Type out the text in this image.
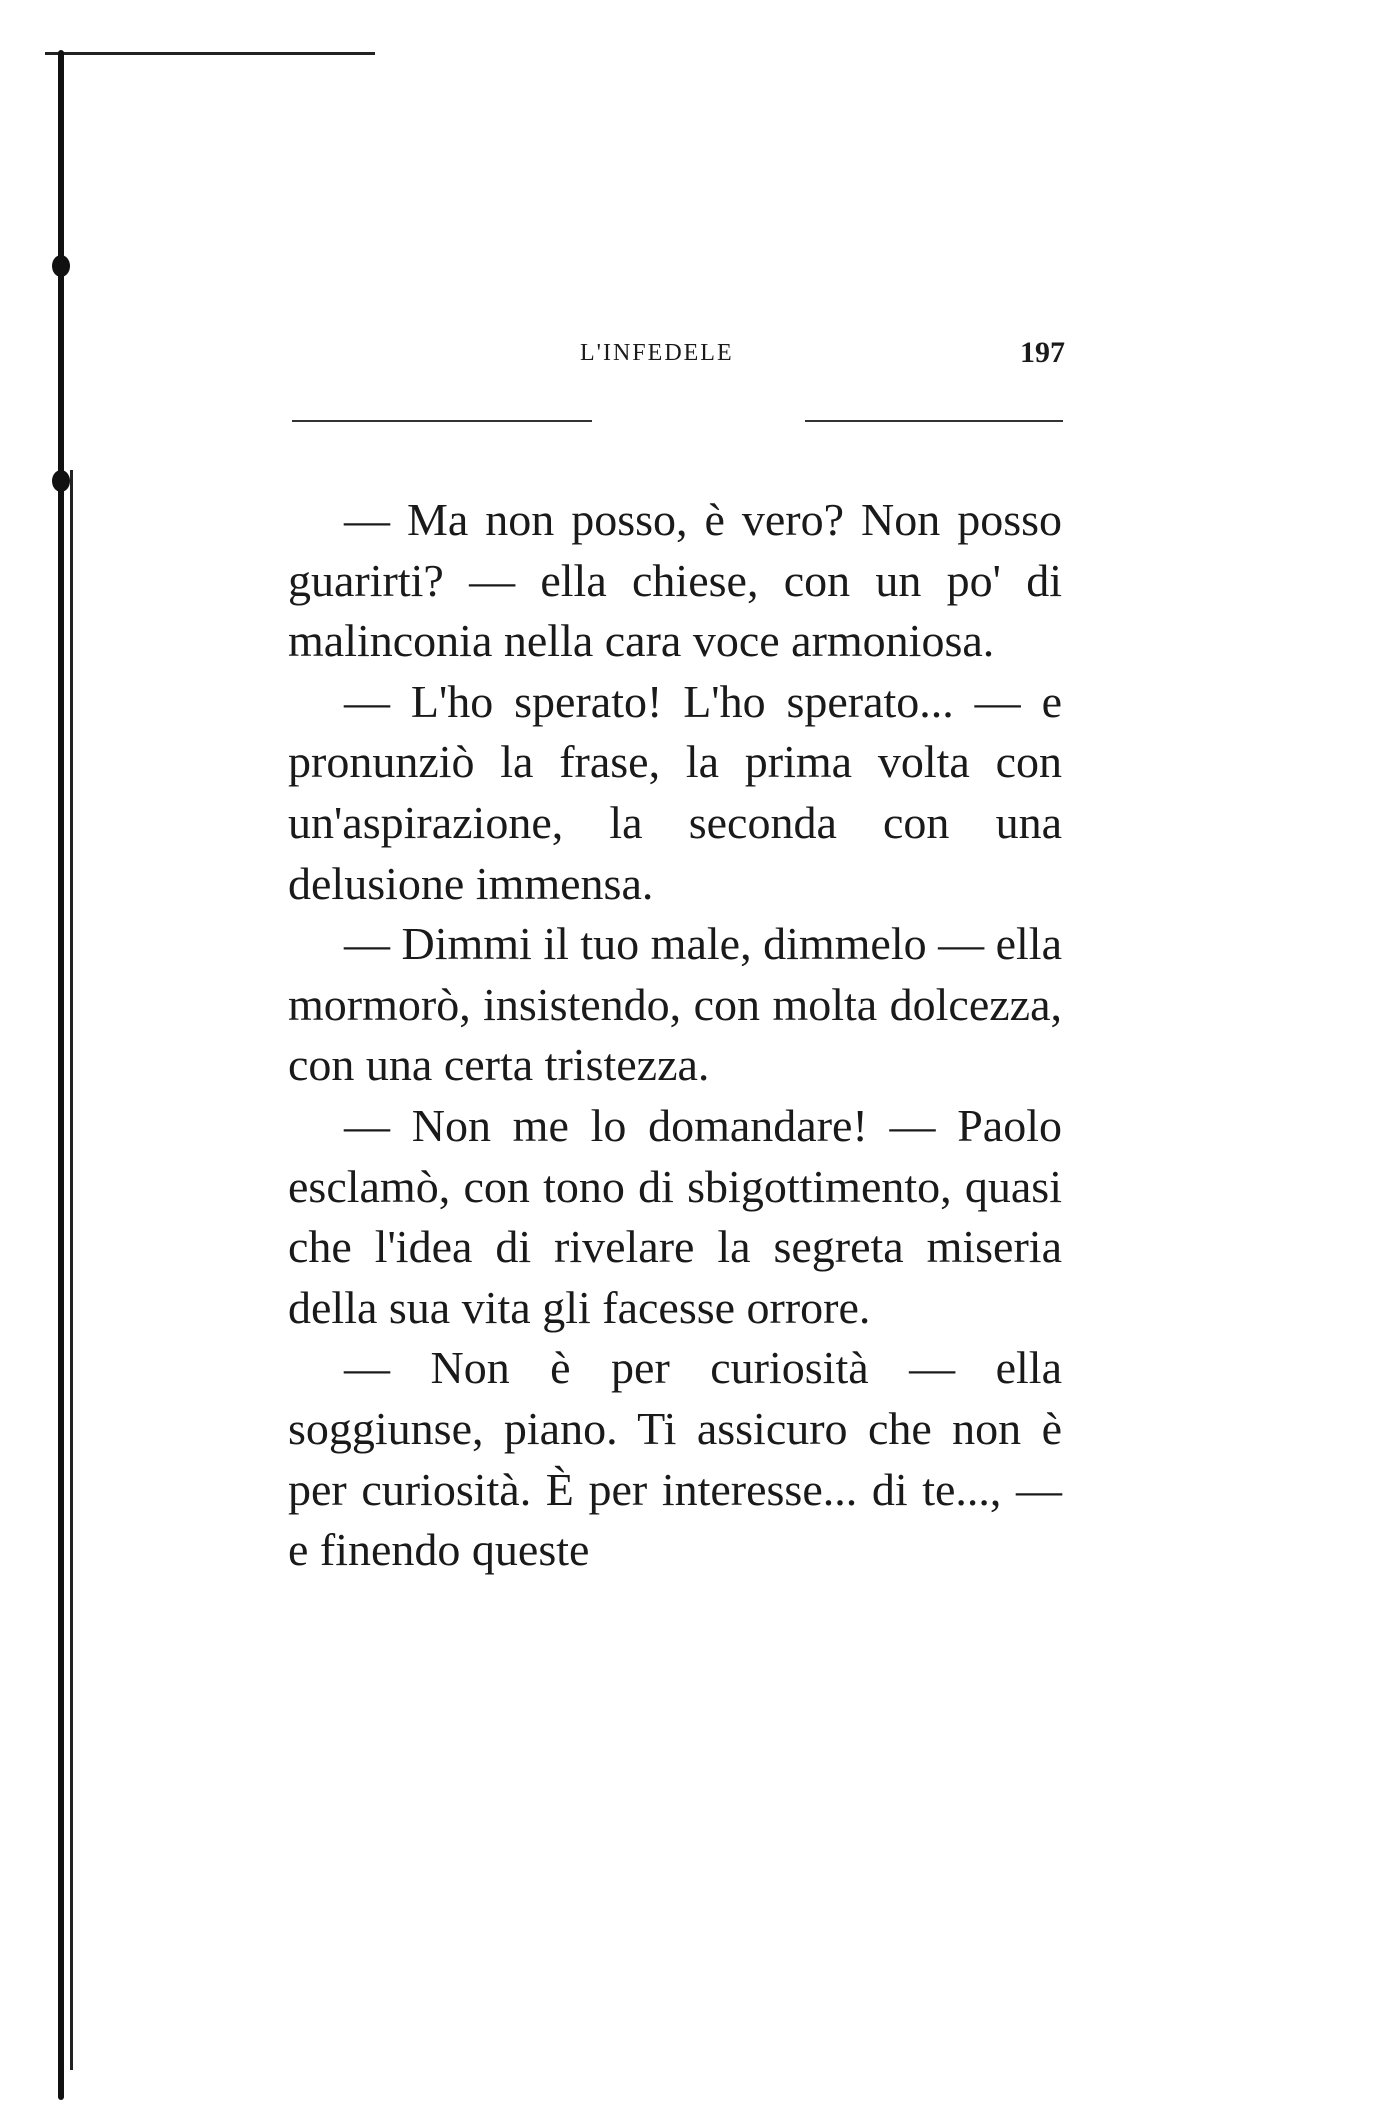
L'INFEDELE	197

— Ma non posso, è vero? Non posso guarirti? — ella chiese, con un po' di malinconia nella cara voce armoniosa.

— L'ho sperato! L'ho sperato... — e pronunziò la frase, la prima volta con un'aspirazione, la seconda con una delusione immensa.

— Dimmi il tuo male, dimmelo — ella mormorò, insistendo, con molta dolcezza, con una certa tristezza.

— Non me lo domandare! — Paolo esclamò, con tono di sbigottimento, quasi che l'idea di rivelare la segreta miseria della sua vita gli facesse orrore.

— Non è per curiosità — ella soggiunse, piano. Ti assicuro che non è per curiosità. È per interesse... di te..., — e finendo queste
